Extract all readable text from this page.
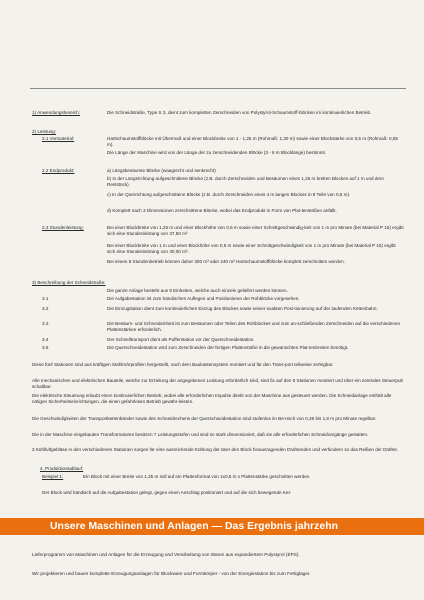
1) Anwendungsbereich:	Die Schneidstraße, Type S 3, dient zum kompletten Zerschneiden von Polystyrol-Schaumstoff-blöcken im kontinuierlichen Betrieb.
2) Leistung:
2.1 Vormaterial:	Hartschaumstoffblöcke mit Übermaß und einer Blockbreite von 1 - 1,25 m (Rohmaß: 1,30 m) sowie einer Blockstärke von 0,5 m (Rohmaß: 0,55 m).
Die Länge der Maschine wird von der Länge der zu zerschneidenden Blöcke (3 - 6 m Blocklänge) bestimmt.
2.2 Endprodukt:	a) Längsbesäumte Blöcke (waagrecht und senkrecht)
b) In der Längsrichtung aufgeschnittene Blöcke (z.B. durch Zerschneiden und Besäumen eines 1,25 m breiten Blockes auf 1 m und dem Reststück).
c) In der Querrichtung aufgeschnittene Blöcke (z.B. durch Zerschneiden eines 4 m langen Blockes in 8 Teile von 0,5 m).
d) Komplett nach 3 Dimensionen zerschnittene Blöcke, wobei das Endprodukt in Form von Plat-tenstößen anfällt.
2.3 Stundenleistung:	Bei einer Blockbreite von 1,25 m und einer Blockhöhe von 0,5 m sowie einer Schnittgeschwindig-keit von 1 m pro Minute (bei Material P 15) ergibt sich eine Stundenleistung von 37,50 m³
Bei einer Blockbreite von 1 m und einer Blockhöhe von 0,5 m sowie einer Schnittgeschwindigkeit von 1 m pro Minute (bei Material P 15) ergibt sich eine Stundenleistung von 30,00 m³.
Bei einem 8 Stundenbetrieb können daher 300 m³ oder 240 m³ Hartschaumstoffblöcke komplett zerschnitten werden.
3) Beschreibung der Schneidstraße:
Die ganze Anlage besteht aus 5 Einheiten, welche auch einzeln geliefert werden können.
3.1	Die Aufgabestation ist zum händischen Auflegen und Positionieren der Rohblöcke vorgesehen.
3.2	Die Einzugstation dient zum kontinuierlichen Einzug des Blockes sowie seiner exakten Posi-tionierung auf der laufenden Kettenbahn.
3.3	Die Besäum- und Schneideinheit ist zum Besäumen oder Teilen des Rohblockes und zum an-schließenden Zerschneiden auf die verschiedenen Plattenstärken erforderlich.
3.4	Der Schnelltransport dient als Pufferstation vor der Querschneidestation.
3.5	Die Querschneidestation wird zum Zerschneiden der fertigen Plattenstöße in die gewünschten Plat-tenbreiten benötigt.
Diese fünf Stationen sind aus kräftigen Stahlrohrprofilen hergestellt, nach dem Baukastensystem montiert und für den Trans-port teilweise zerlegbar.
Alle mechanischen und elektrischen Bauteile, welche zur Erzielung der angegebenen Leistung erforderlich sind, sind fix auf den 5 Stationen montiert und über ein zentrales Steuerpult schaltbar.
Die elektrische Steuerung erlaubt einen kontinuierlichen Betrieb, wobei alle erforderlichen Impulse direkt von der Maschine aus gesteuert werden. Die Schneidanlage enthält alle nötigen Sicherheitseinrichtungen, die einen gefahrlosen Betrieb gewähr-leisten.
Die Geschwindigkeiten der Transportkettenbänder sowie des Schneidrechens der Querschneidestation sind stufenlos im Be-reich von 0,36 bis 1,8 m pro Minute regelbar.
Die in der Maschine eingebauten Transformatoren besitzen 7 Leistungsstufen und sind so stark dimensioniert, daß sie alle erforderlichen Schneidvorgänge gestatten.
3 Kühlluftgebläse in den verschiedenen Stationen sorgen für eine ausreichende Kühlung der über den Block hinausragenden Drahtenden und verhindern so das Reißen der Drähte.
4. Produktionsablauf:
Beispiel 1:	Ein Block mit einer Breite von 1,25 m soll auf ein Plattenformat von 1x0,5 m x Plattenstärke geschnitten werden.
Der Block wird händisch auf die Aufgabestation gelegt, gegen einen Anschlag positioniert und auf die sich bewegende Ket-
Unsere Maschinen und Anlagen — Das Ergebnis jahrzehn
Lieferprogramm von Maschinen und Anlagen für die Erzeugung und Verarbeitung von Waren aus expandiertem Polystyrol (EPS).
Wir projektieren und bauen komplette Erzeugungsanlagen für Blockware und Formkörper - von der Energiestation bis zum Fertiglager.
